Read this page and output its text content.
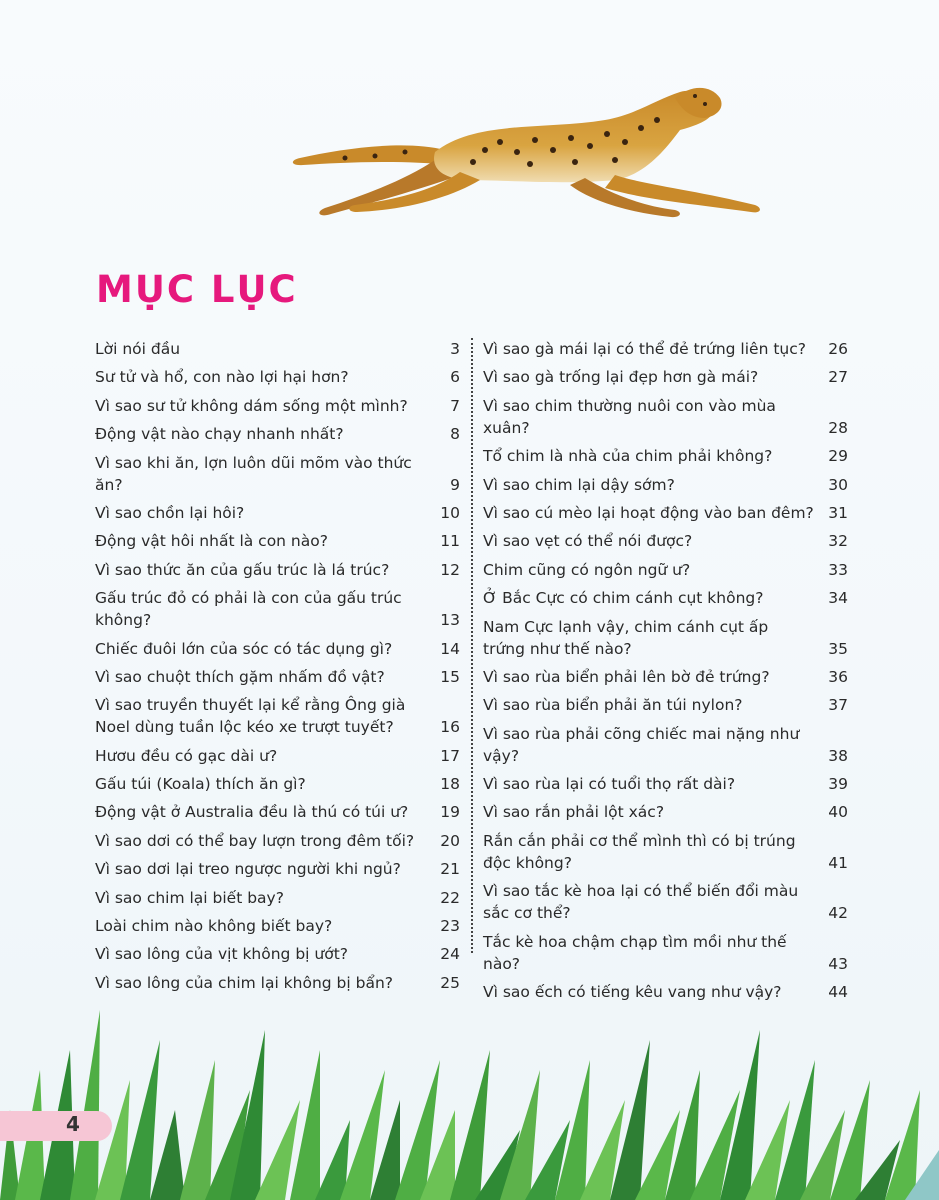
MỤC LỤC
Lời nói đầu	3
Sư tử và hổ, con nào lợi hại hơn?	6
Vì sao sư tử không dám sống một mình?	7
Động vật nào chạy nhanh nhất?	8
Vì sao khi ăn, lợn luôn dũi mõm vào thức ăn?	9
Vì sao chồn lại hôi?	10
Động vật hôi nhất là con nào?	11
Vì sao thức ăn của gấu trúc là lá trúc?	12
Gấu trúc đỏ có phải là con của gấu trúc không?	13
Chiếc đuôi lớn của sóc có tác dụng gì?	14
Vì sao chuột thích gặm nhấm đồ vật?	15
Vì sao truyền thuyết lại kể rằng Ông già Noel dùng tuần lộc kéo xe trượt tuyết?	16
Hươu đều có gạc dài ư?	17
Gấu túi (Koala) thích ăn gì?	18
Động vật ở Australia đều là thú có túi ư?	19
Vì sao dơi có thể bay lượn trong đêm tối?	20
Vì sao dơi lại treo ngược người khi ngủ?	21
Vì sao chim lại biết bay?	22
Loài chim nào không biết bay?	23
Vì sao lông của vịt không bị ướt?	24
Vì sao lông của chim lại không bị bẩn?	25
Vì sao gà mái lại có thể đẻ trứng liên tục?	26
Vì sao gà trống lại đẹp hơn gà mái?	27
Vì sao chim thường nuôi con vào mùa xuân?	28
Tổ chim là nhà của chim phải không?	29
Vì sao chim lại dậy sớm?	30
Vì sao cú mèo lại hoạt động vào ban đêm? 31
Vì sao vẹt có thể nói được?	32
Chim cũng có ngôn ngữ ư?	33
Ở Bắc Cực có chim cánh cụt không?	34
Nam Cực lạnh vậy, chim cánh cụt ấp trứng như thế nào?	35
Vì sao rùa biển phải lên bờ đẻ trứng?	36
Vì sao rùa biển phải ăn túi nylon?	37
Vì sao rùa phải cõng chiếc mai nặng như vậy?	38
Vì sao rùa lại có tuổi thọ rất dài?	39
Vì sao rắn phải lột xác?	40
Rắn cắn phải cơ thể mình thì có bị trúng độc không?	41
Vì sao tắc kè hoa lại có thể biến đổi màu sắc cơ thể?	42
Tắc kè hoa chậm chạp tìm mồi như thế nào?	43
Vì sao ếch có tiếng kêu vang như vậy?	44
4
